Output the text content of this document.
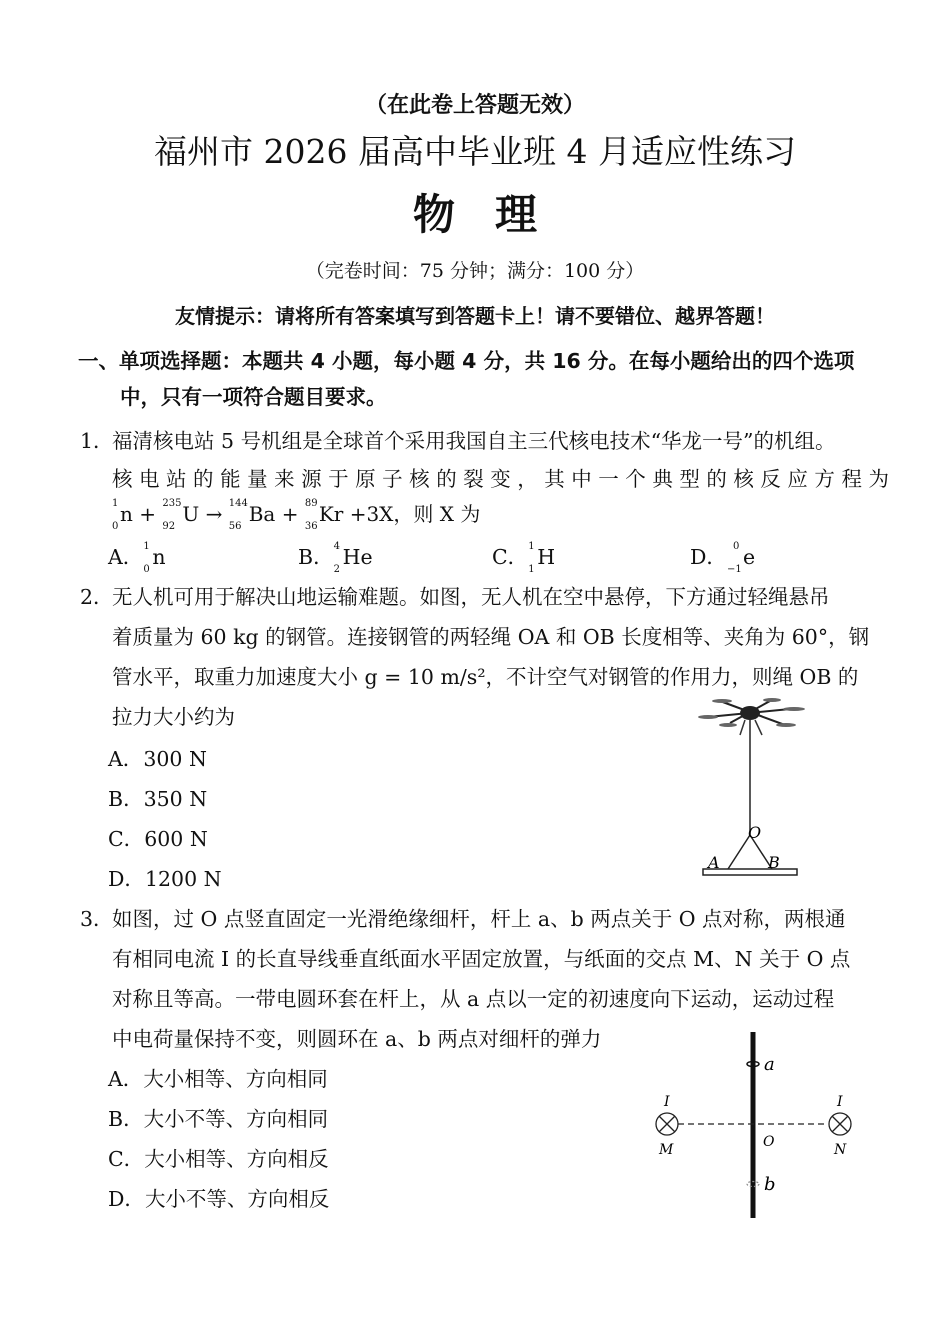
（在此卷上答题无效）
福州市 2026 届高中毕业班 4 月适应性练习
物理
（完卷时间：75 分钟；满分：100 分）
友情提示：请将所有答案填写到答题卡上！请不要错位、越界答题！
一、单项选择题：本题共 4 小题，每小题 4 分，共 16 分。在每小题给出的四个选项
中，只有一项符合题目要求。
1．
福清核电站 5 号机组是全球首个采用我国自主三代核电技术“华龙一号”的机组。
核 电 站 的 能 量 来 源 于 原 子 核 的 裂 变 ， 其 中 一 个 典 型 的 核 反 应 方 程 为
1
0
n + 235
92
U → 144
56
Ba + 89
36
Kr +3X，则 X 为
A． 1
0
n	B． 4
2
He	C． 1
1
H	D． 0
−1
e
2．
无人机可用于解决山地运输难题。如图，无人机在空中悬停，下方通过轻绳悬吊
着质量为 60 kg 的钢管。连接钢管的两轻绳 OA 和 OB 长度相等、夹角为 60°，钢
管水平，取重力加速度大小 g = 10 m/s²，不计空气对钢管的作用力，则绳 OB 的
拉力大小约为
A．300 N
B．350 N
C．600 N
D．1200 N
O
A	B
3．
如图，过 O 点竖直固定一光滑绝缘细杆，杆上 a、b 两点关于 O 点对称，两根通
有相同电流 I 的长直导线垂直纸面水平固定放置，与纸面的交点 M、N 关于 O 点
对称且等高。一带电圆环套在杆上，从 a 点以一定的初速度向下运动，运动过程
中电荷量保持不变，则圆环在 a、b 两点对细杆的弹力
A．大小相等、方向相同
B．大小不等、方向相同
C．大小相等、方向相反
D．大小不等、方向相反
a
b
O
M	N
I	I
